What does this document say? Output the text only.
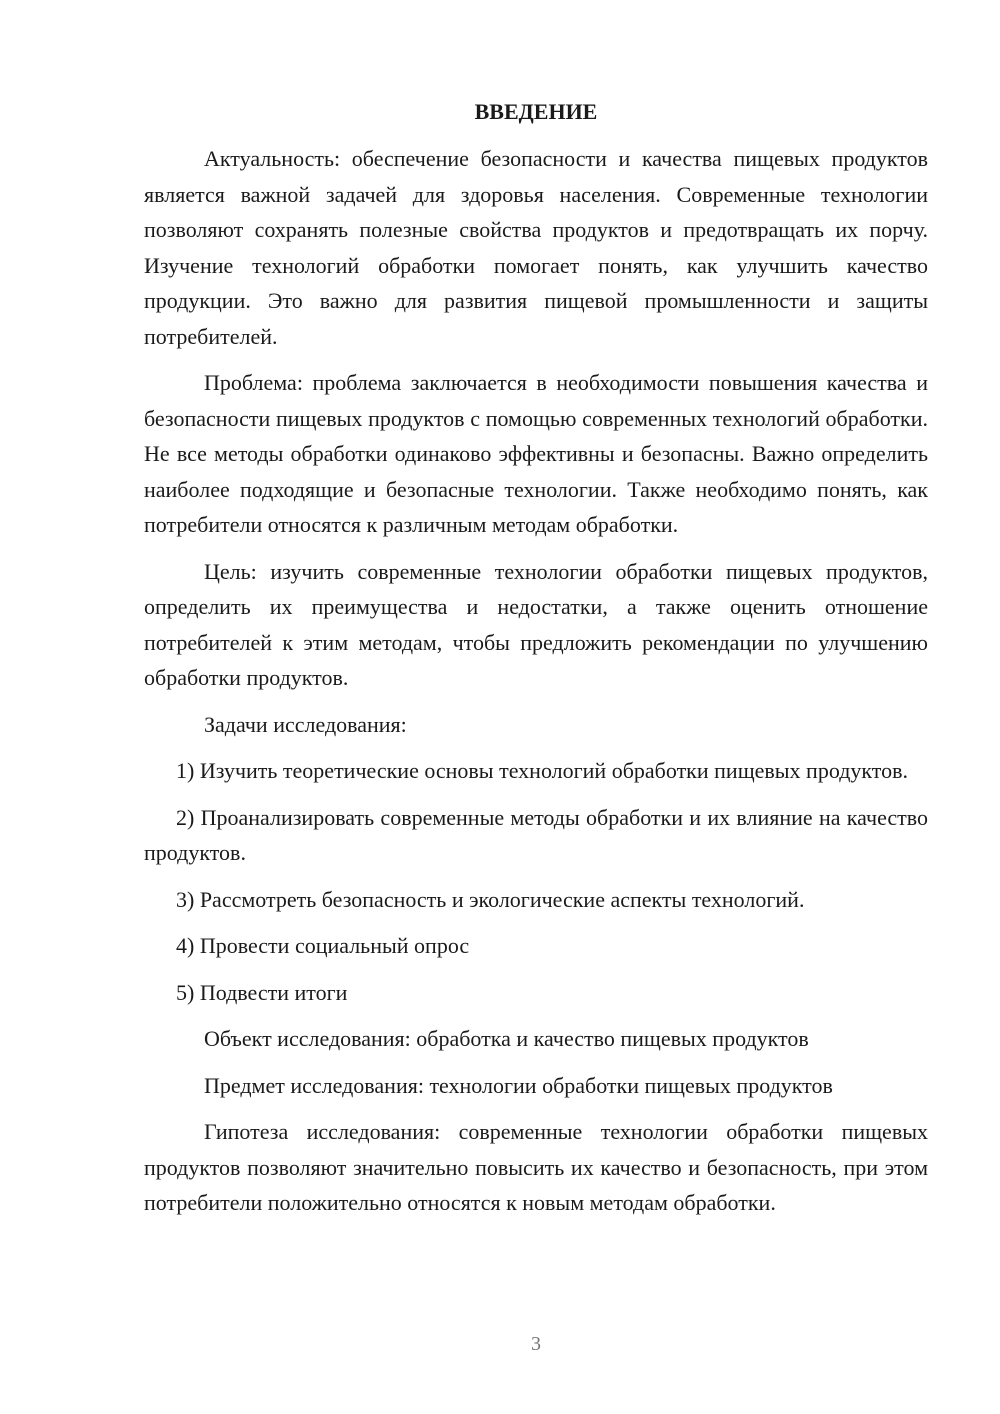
ВВЕДЕНИЕ

Актуальность: обеспечение безопасности и качества пищевых продуктов является важной задачей для здоровья населения. Современные технологии позволяют сохранять полезные свойства продуктов и предотвращать их порчу. Изучение технологий обработки помогает понять, как улучшить качество продукции. Это важно для развития пищевой промышленности и защиты потребителей.

Проблема: проблема заключается в необходимости повышения качества и безопасности пищевых продуктов с помощью современных технологий обработки. Не все методы обработки одинаково эффективны и безопасны. Важно определить наиболее подходящие и безопасные технологии. Также необходимо понять, как потребители относятся к различным методам обработки.

Цель: изучить современные технологии обработки пищевых продуктов, определить их преимущества и недостатки, а также оценить отношение потребителей к этим методам, чтобы предложить рекомендации по улучшению обработки продуктов.

Задачи исследования:

1) Изучить теоретические основы технологий обработки пищевых продуктов.

2) Проанализировать современные методы обработки и их влияние на качество продуктов.

3) Рассмотреть безопасность и экологические аспекты технологий.

4) Провести социальный опрос

5) Подвести итоги

Объект исследования: обработка и качество пищевых продуктов

Предмет исследования: технологии обработки пищевых продуктов

Гипотеза исследования: современные технологии обработки пищевых продуктов позволяют значительно повысить их качество и безопасность, при этом потребители положительно относятся к новым методам обработки.

3
